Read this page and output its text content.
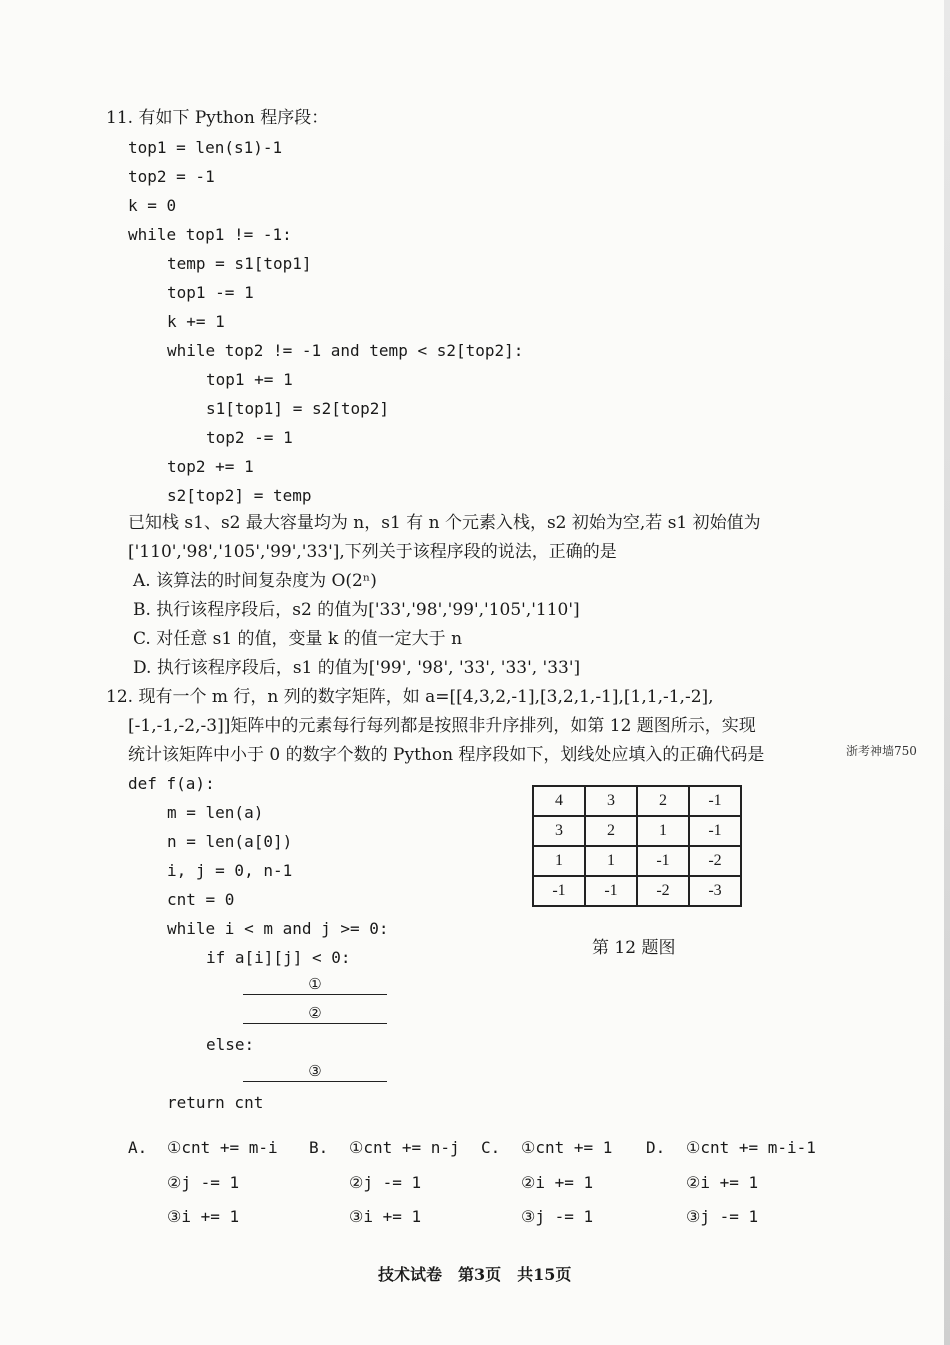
11. 有如下 Python 程序段：
top1 = len(s1)-1
top2 = -1
k = 0
while top1 != -1:
temp = s1[top1]
top1 -= 1
k += 1
while top2 != -1 and temp < s2[top2]:
top1 += 1
s1[top1] = s2[top2]
top2 -= 1
top2 += 1
s2[top2] = temp
已知栈 s1、s2 最大容量均为 n，s1 有 n 个元素入栈，s2 初始为空,若 s1 初始值为
['110','98','105','99','33'],下列关于该程序段的说法，正确的是
A. 该算法的时间复杂度为 O(2ⁿ)
B. 执行该程序段后，s2 的值为['33','98','99','105','110']
C. 对任意 s1 的值，变量 k 的值一定大于 n
D. 执行该程序段后，s1 的值为['99', '98', '33', '33', '33']
12. 现有一个 m 行，n 列的数字矩阵，如 a=[[4,3,2,-1],[3,2,1,-1],[1,1,-1,-2],
[-1,-1,-2,-3]]矩阵中的元素每行每列都是按照非升序排列，如第 12 题图所示，实现
统计该矩阵中小于 0 的数字个数的 Python 程序段如下，划线处应填入的正确代码是	浙考神墙750
def f(a):
m = len(a)
n = len(a[0])
i, j = 0, n-1
cnt = 0
while i < m and j >= 0:
if a[i][j] < 0:
①
②
else:
③
return cnt
4	3	2	-1
3	2	1	-1
1	1	-1	-2
-1	-1	-2	-3
第 12 题图
A. ①cnt += m-i
②j -= 1
③i += 1
B. ①cnt += n-j
②j -= 1
③i += 1
C. ①cnt += 1
②i += 1
③j -= 1
D. ①cnt += m-i-1
②i += 1
③j -= 1
技术试卷　第3页　共15页
